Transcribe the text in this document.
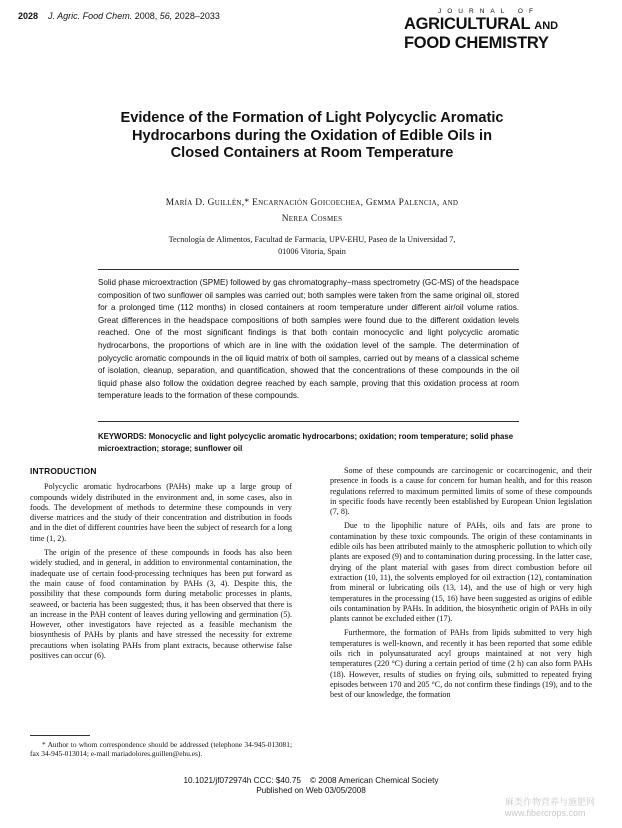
2028 J. Agric. Food Chem. 2008, 56, 2028–2033	JOURNAL OF
AGRICULTURAL AND
FOOD CHEMISTRY
Evidence of the Formation of Light Polycyclic Aromatic Hydrocarbons during the Oxidation of Edible Oils in Closed Containers at Room Temperature
María D. Guillén,* Encarnación Goicoechea, Gemma Palencia, and
Nerea Cosmes
Tecnología de Alimentos, Facultad de Farmacia, UPV-EHU, Paseo de la Universidad 7,
01006 Vitoria, Spain
Solid phase microextraction (SPME) followed by gas chromatography−mass spectrometry (GC-MS) of the headspace composition of two sunflower oil samples was carried out; both samples were taken from the same original oil, stored for a prolonged time (112 months) in closed containers at room temperature under different air/oil volume ratios. Great differences in the headspace compositions of both samples were found due to the different oxidation levels reached. One of the most significant findings is that both contain monocyclic and light polycyclic aromatic hydrocarbons, the proportions of which are in line with the oxidation level of the sample. The determination of polycyclic aromatic compounds in the oil liquid matrix of both oil samples, carried out by means of a classical scheme of isolation, cleanup, separation, and quantification, showed that the concentrations of these compounds in the oil liquid phase also follow the oxidation degree reached by each sample, proving that this oxidation process at room temperature leads to the formation of these compounds.
KEYWORDS: Monocyclic and light polycyclic aromatic hydrocarbons; oxidation; room temperature; solid phase microextraction; storage; sunflower oil
INTRODUCTION

Polycyclic aromatic hydrocarbons (PAHs) make up a large group of compounds widely distributed in the environment and, in some cases, also in foods. The development of methods to determine these compounds in very diverse matrices and the study of their concentration and distribution in foods and in the diet of different countries have been the subject of research for a long time (1, 2).

The origin of the presence of these compounds in foods has also been widely studied, and in general, in addition to environmental contamination, the inadequate use of certain food-processing techniques has been put forward as the main cause of food contamination by PAHs (3, 4). Despite this, the possibility that these compounds form during metabolic processes in plants, seaweed, or bacteria has been suggested; thus, it has been observed that there is an increase in the PAH content of leaves during yellowing and germination (5). However, other investigators have rejected as a feasible mechanism the biosynthesis of PAHs by plants and have stressed the necessity for extreme precautions when isolating PAHs from plant extracts, because otherwise false positives can occur (6).

Some of these compounds are carcinogenic or cocarcinogenic, and their presence in foods is a cause for concern for human health, and for this reason regulations referred to maximum permitted limits of some of these compounds in specific foods have recently been established by European Union legislation (7, 8).

Due to the lipophilic nature of PAHs, oils and fats are prone to contamination by these toxic compounds. The origin of these contaminants in edible oils has been attributed mainly to the atmospheric pollution to which oily plants are exposed (9) and to contamination during processing. In the latter case, drying of the plant material with gases from direct combustion before oil extraction (10, 11), the solvents employed for oil extraction (12), contamination from mineral or lubricating oils (13, 14), and the use of high or very high temperatures in the processing (15, 16) have been suggested as origins of edible oils contamination by PAHs. In addition, the biosynthetic origin of PAHs in oily plants cannot be excluded either (17).

Furthermore, the formation of PAHs from lipids submitted to very high temperatures is well-known, and recently it has been reported that some edible oils rich in polyunsaturated acyl groups maintained at not very high temperatures (220 °C) during a certain period of time (2 h) can also form PAHs (18). However, results of studies on frying oils, submitted to repeated frying episodes between 170 and 205 °C, do not confirm these findings (19), and to the best of our knowledge, the formation

* Author to whom correspondence should be addressed (telephone 34-945-013081; fax 34-945-013014; e-mail mariadolores.guillen@ehu.es).
10.1021/jf072974h CCC: $40.75    © 2008 American Chemical Society
Published on Web 03/05/2008
麻类作物营养与施肥网
www.fibercrops.com
